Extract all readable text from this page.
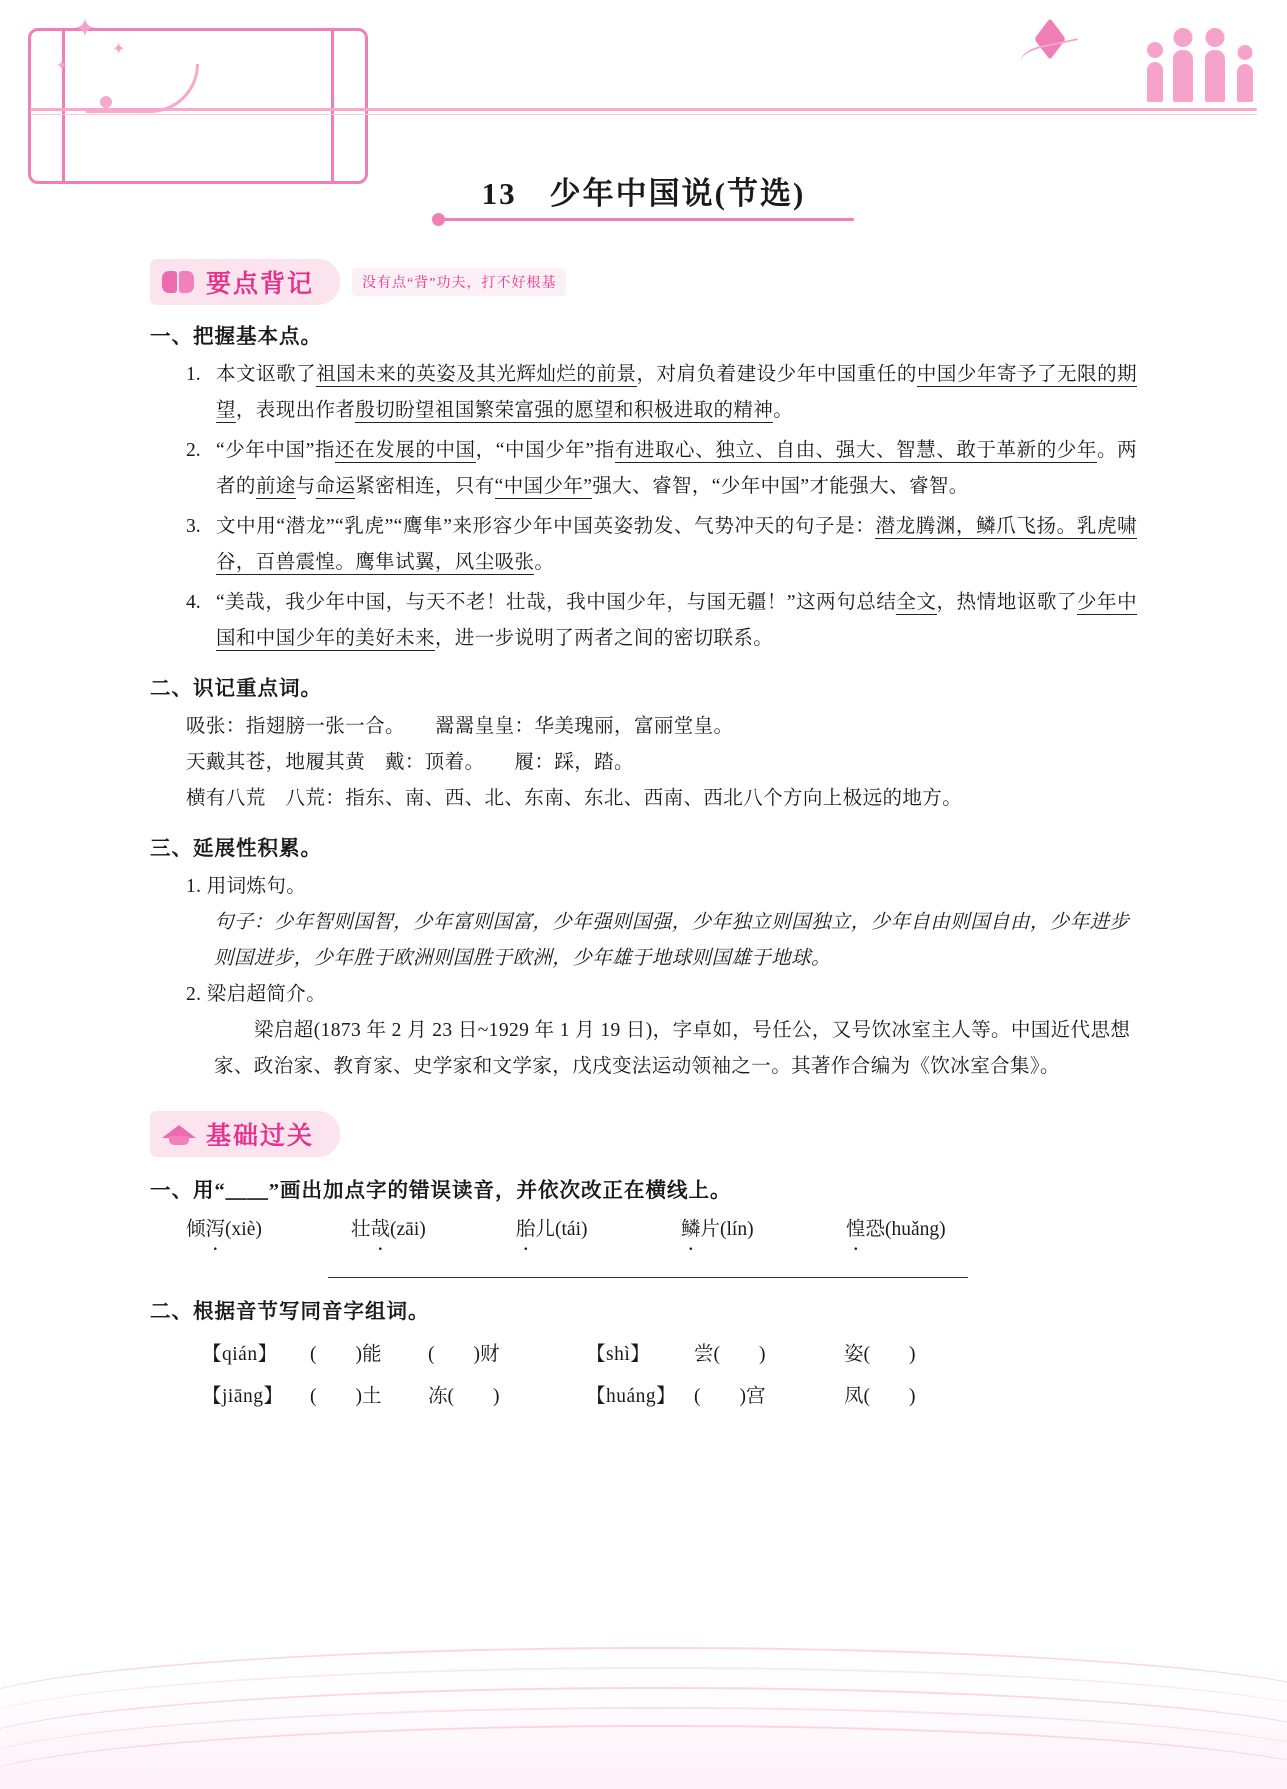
✦
✦
✦
13　少年中国说(节选)
要点背记	没有点“背”功夫，打不好根基
一、把握基本点。
1. 本文讴歌了祖国未来的英姿及其光辉灿烂的前景，对肩负着建设少年中国重任的中国少年寄予了无限的期望，表现出作者殷切盼望祖国繁荣富强的愿望和积极进取的精神。
2. “少年中国”指还在发展的中国，“中国少年”指有进取心、独立、自由、强大、智慧、敢于革新的少年。两者的前途与命运紧密相连，只有“中国少年”强大、睿智，“少年中国”才能强大、睿智。
3. 文中用“潜龙”“乳虎”“鹰隼”来形容少年中国英姿勃发、气势冲天的句子是：潜龙腾渊，鳞爪飞扬。乳虎啸谷，百兽震惶。鹰隼试翼，风尘吸张。
4. “美哉，我少年中国，与天不老！壮哉，我中国少年，与国无疆！”这两句总结全文，热情地讴歌了少年中国和中国少年的美好未来，进一步说明了两者之间的密切联系。
二、识记重点词。
吸张：指翅膀一张一合。　　翯翯皇皇：华美瑰丽，富丽堂皇。
天戴其苍，地履其黄　戴：顶着。　　履：踩，踏。
横有八荒　八荒：指东、南、西、北、东南、东北、西南、西北八个方向上极远的地方。
三、延展性积累。
1. 用词炼句。
句子：少年智则国智，少年富则国富，少年强则国强，少年独立则国独立，少年自由则国自由，少年进步则国进步，少年胜于欧洲则国胜于欧洲，少年雄于地球则国雄于地球。
2. 梁启超简介。
梁启超(1873 年 2 月 23 日~1929 年 1 月 19 日)，字卓如，号任公，又号饮冰室主人等。中国近代思想家、政治家、教育家、史学家和文学家，戊戌变法运动领袖之一。其著作合编为《饮冰室合集》。
基础过关
一、用“＿＿”画出加点字的错误读音，并依次改正在横线上。
倾泻(xiè)	壮哉(zāi)	胎儿(tái)	鳞片(lín)	惶恐(huǎng)
二、根据音节写同音字组词。
【qián】	(　　)能	(　　)财	【shì】	尝(　　)	姿(　　)
【jiāng】	(　　)土	冻(　　)	【huáng】 (　　)宫	凤(　　)
